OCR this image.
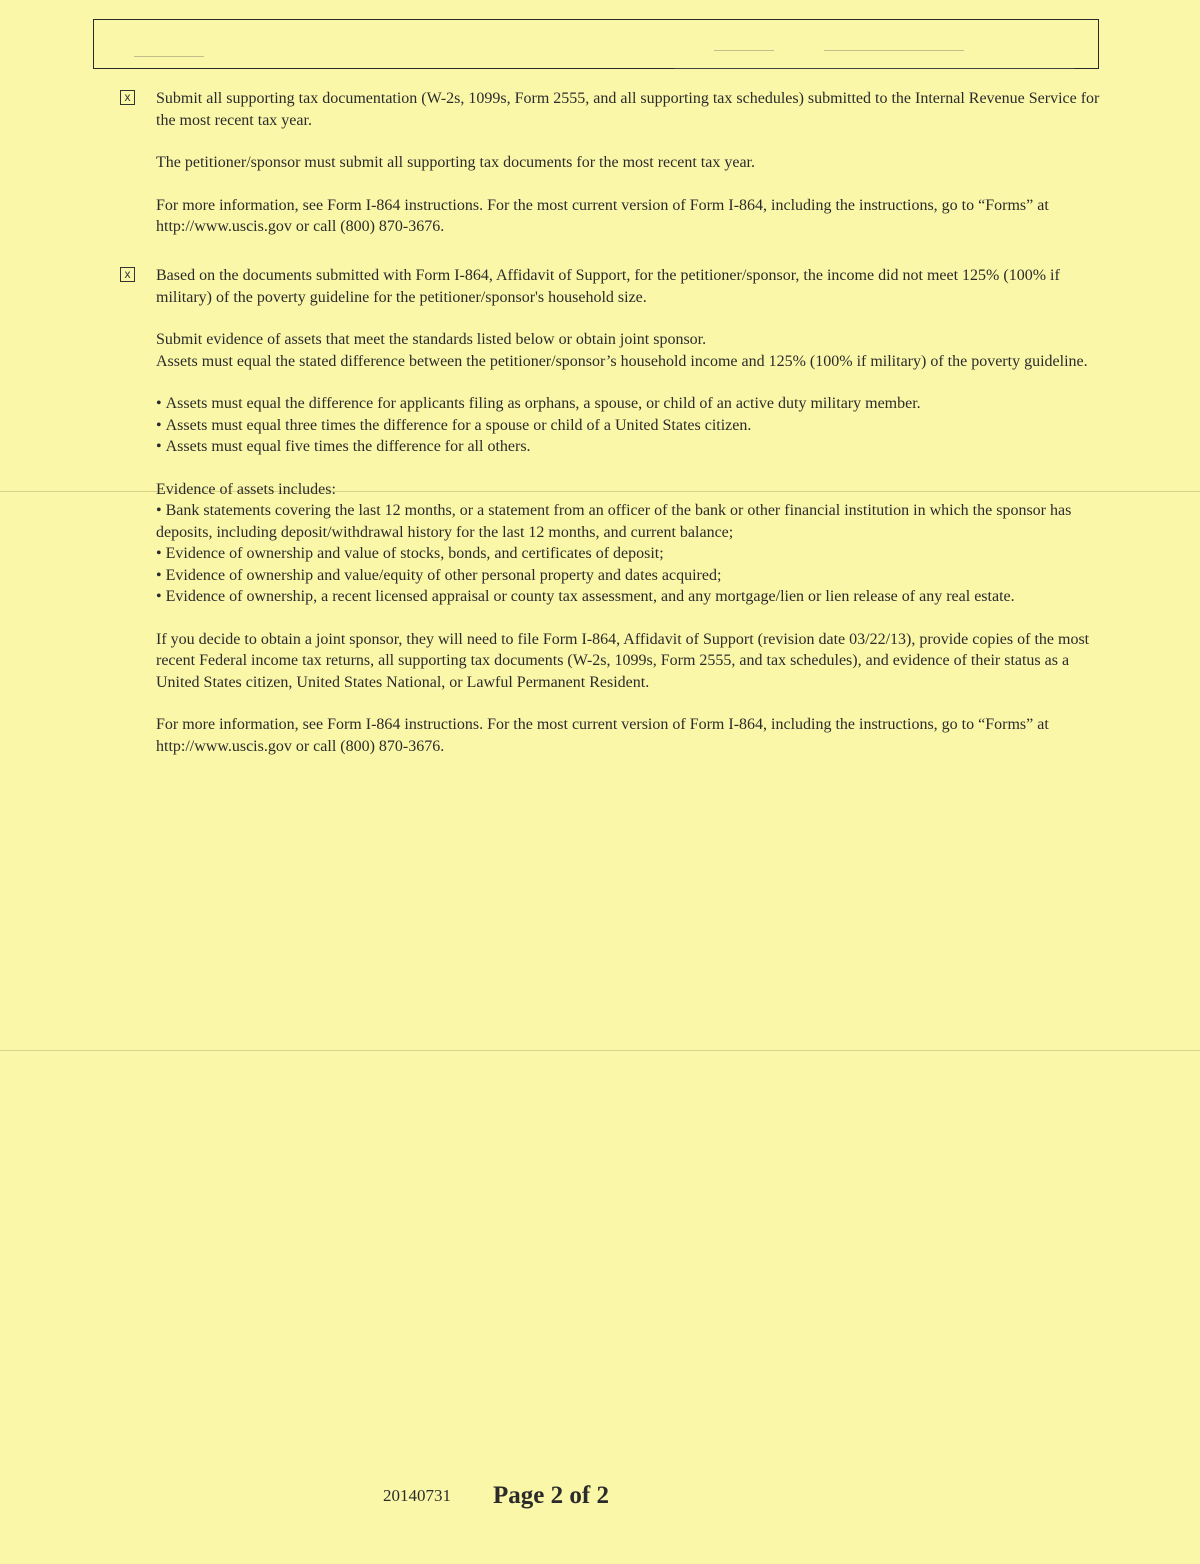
x Submit all supporting tax documentation (W-2s, 1099s, Form 2555, and all supporting tax schedules) submitted to the Internal Revenue Service for the most recent tax year.

The petitioner/sponsor must submit all supporting tax documents for the most recent tax year.

For more information, see Form I-864 instructions. For the most current version of Form I-864, including the instructions, go to “Forms” at http://www.uscis.gov or call (800) 870-3676.

x Based on the documents submitted with Form I-864, Affidavit of Support, for the petitioner/sponsor, the income did not meet 125% (100% if military) of the poverty guideline for the petitioner/sponsor's household size.

Submit evidence of assets that meet the standards listed below or obtain joint sponsor.

Assets must equal the stated difference between the petitioner/sponsor’s household income and 125% (100% if military) of the poverty guideline.

• Assets must equal the difference for applicants filing as orphans, a spouse, or child of an active duty military member.
• Assets must equal three times the difference for a spouse or child of a United States citizen.
• Assets must equal five times the difference for all others.

Evidence of assets includes:

• Bank statements covering the last 12 months, or a statement from an officer of the bank or other financial institution in which the sponsor has deposits, including deposit/withdrawal history for the last 12 months, and current balance;
• Evidence of ownership and value of stocks, bonds, and certificates of deposit;
• Evidence of ownership and value/equity of other personal property and dates acquired;
• Evidence of ownership, a recent licensed appraisal or county tax assessment, and any mortgage/lien or lien release of any real estate.

If you decide to obtain a joint sponsor, they will need to file Form I-864, Affidavit of Support (revision date 03/22/13), provide copies of the most recent Federal income tax returns, all supporting tax documents (W-2s, 1099s, Form 2555, and tax schedules), and evidence of their status as a United States citizen, United States National, or Lawful Permanent Resident.

For more information, see Form I-864 instructions. For the most current version of Form I-864, including the instructions, go to “Forms” at http://www.uscis.gov or call (800) 870-3676.

20140731 Page 2 of 2
